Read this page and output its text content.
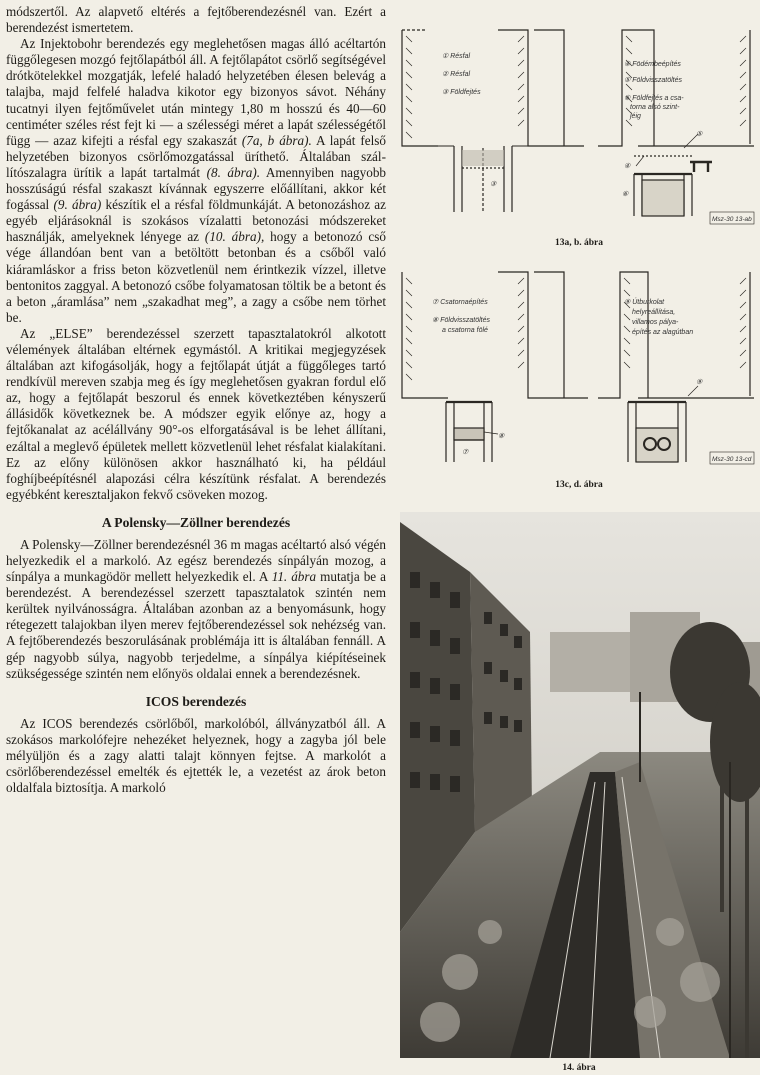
módszertől. Az alapvető eltérés a fejtőberendezésnél van. Ezért a berendezést ismertetem.

Az Injektobohr berendezés egy meglehetősen magas álló acéltartón függőlegesen mozgó fejtőlapátból áll. A fejtőlapátot csörlő segítségével drótkötelekkel mozgatják, lefelé haladó helyzetében élesen belevág a talajba, majd felfelé haladva kikotor egy bizonyos sávot. Néhány tucatnyi ilyen fejtőművelet után mintegy 1,80 m hosszú és 40—60 centiméter széles rést fejt ki — a szélességi méret a lapát szélességétől függ — azaz kifejti a résfal egy szakaszát (7a, b ábra). A lapát felső helyzetében bizonyos csörlőmozgatással üríthető. Általában szállítószalagra ürítik a lapát tartalmát (8. ábra). Amennyiben nagyobb hosszúságú résfal szakaszt kívánnak egyszerre előállítani, akkor két fogással (9. ábra) készítik el a résfal földmunkáját. A betonozáshoz az egyéb eljárásoknál is szokásos vízalatti betonozási módszereket használják, amelyeknek lényege az (10. ábra), hogy a betonozó cső vége állandóan bent van a betöltött betonban és a csőből való kiáramláskor a friss beton közvetlenül nem érintkezik vízzel, illetve bentonitos zaggyal. A betonozó csőbe folyamatosan töltik be a betont és a beton „áramlása” nem „szakadhat meg”, a zagy a csőbe nem törhet be.

Az „ELSE” berendezéssel szerzett tapasztalatokról alkotott vélemények általában eltérnek egymástól. A kritikai megjegyzések általában azt kifogásolják, hogy a fejtőlapát útját a függőleges tartó rendkívül mereven szabja meg és így meglehetősen gyakran fordul elő az, hogy a fejtőlapát beszorul és ennek következtében kényszerű állásidők következnek be. A módszer egyik előnye az, hogy a fejtőkanalat az acélállvány 90°-os elforgatásával is be lehet állítani, ezáltal a meglevő épületek mellett közvetlenül lehet résfalat kialakítani. Ez az előny különösen akkor használható ki, ha például foghíjbeépítésnél alapozási célra készítünk résfalat. A berendezés egyébként keresztaljakon fekvő csöveken mozog.

A Polensky—Zöllner berendezés

A Polensky—Zöllner berendezésnél 36 m magas acéltartó alsó végén helyezkedik el a markoló. Az egész berendezés sínpályán mozog, a sínpálya a munkagödör mellett helyezkedik el. A 11. ábra mutatja be a berendezést. A berendezéssel szerzett tapasztalatok szintén nem kerültek nyilvánosságra. Általában azonban az a benyomásunk, hogy rétegezett talajokban ilyen merev fejtőberendezéssel sok nehézség van. A fejtőberendezés beszorulásának problémája itt is általában fennáll. A gép nagyobb súlya, nagyobb terjedelme, a sínpálya kiépítéseinek szükségessége szintén nem előnyös oldalai ennek a berendezésnek.

ICOS berendezés

Az ICOS berendezés csörlőből, markolóból, állványzatból áll. A szokásos markolófejre nehezéket helyeznek, hogy a zagyba jól bele mélyüljön és a zagy alatti talajt könnyen fejtse. A markolót a csörlőberendezéssel emelték és ejtették le, a vezetést az árok beton oldalfala biztosítja. A markoló

① Résfal
② Résfal
③ Földfejtés
④ Födémbeépítés
⑤ Földvisszatöltés
⑥ Földfejtés a csa-
torna alsó szint-
jéig
③
④
⑤
⑥
Msz-30 13-ab
13a, b. ábra
⑦ Csatornaépítés
⑧ Földvisszatöltés
a csatorna fölé
⑨ Útburkolat
helyreállítása,
villamos pálya-
építés az alagútban
⑦
⑧
⑨
Msz-30 13-cd
13c, d. ábra
14. ábra
